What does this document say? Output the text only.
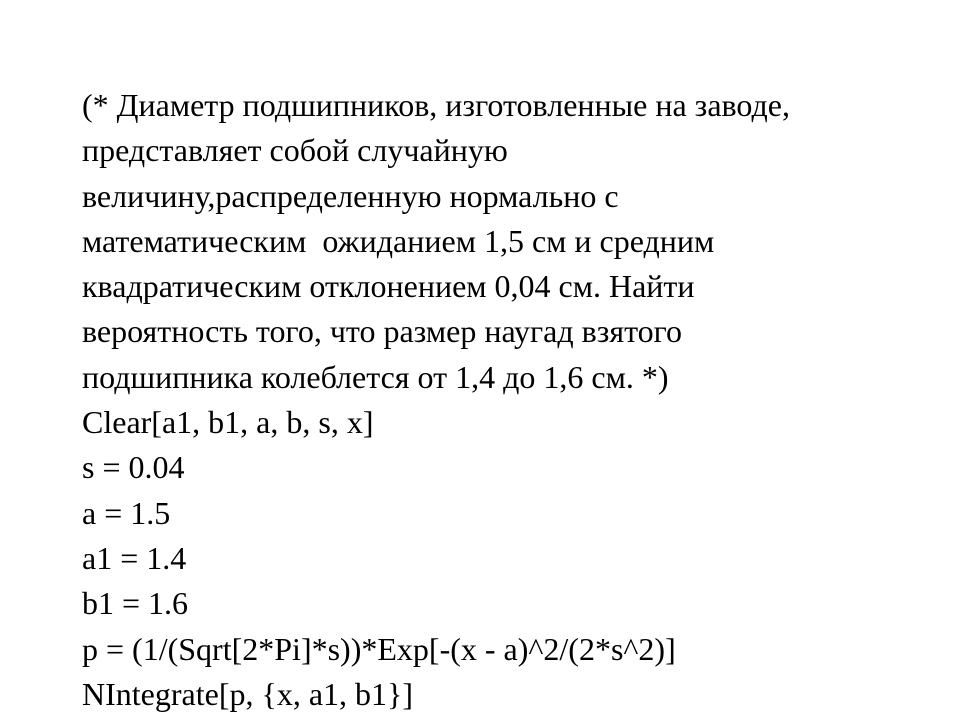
(* Диаметр подшипников, изготовленные на заводе,
представляет собой случайную
величину,распределенную нормально с
математическим  ожиданием 1,5 см и средним
квадратическим отклонением 0,04 см. Найти
вероятность того, что размер наугад взятого
подшипника колеблется от 1,4 до 1,6 см. *)
Clear[a1, b1, a, b, s, x]
s = 0.04
a = 1.5
a1 = 1.4
b1 = 1.6
p = (1/(Sqrt[2*Pi]*s))*Exp[-(x - a)^2/(2*s^2)]
NIntegrate[p, {x, a1, b1}]
